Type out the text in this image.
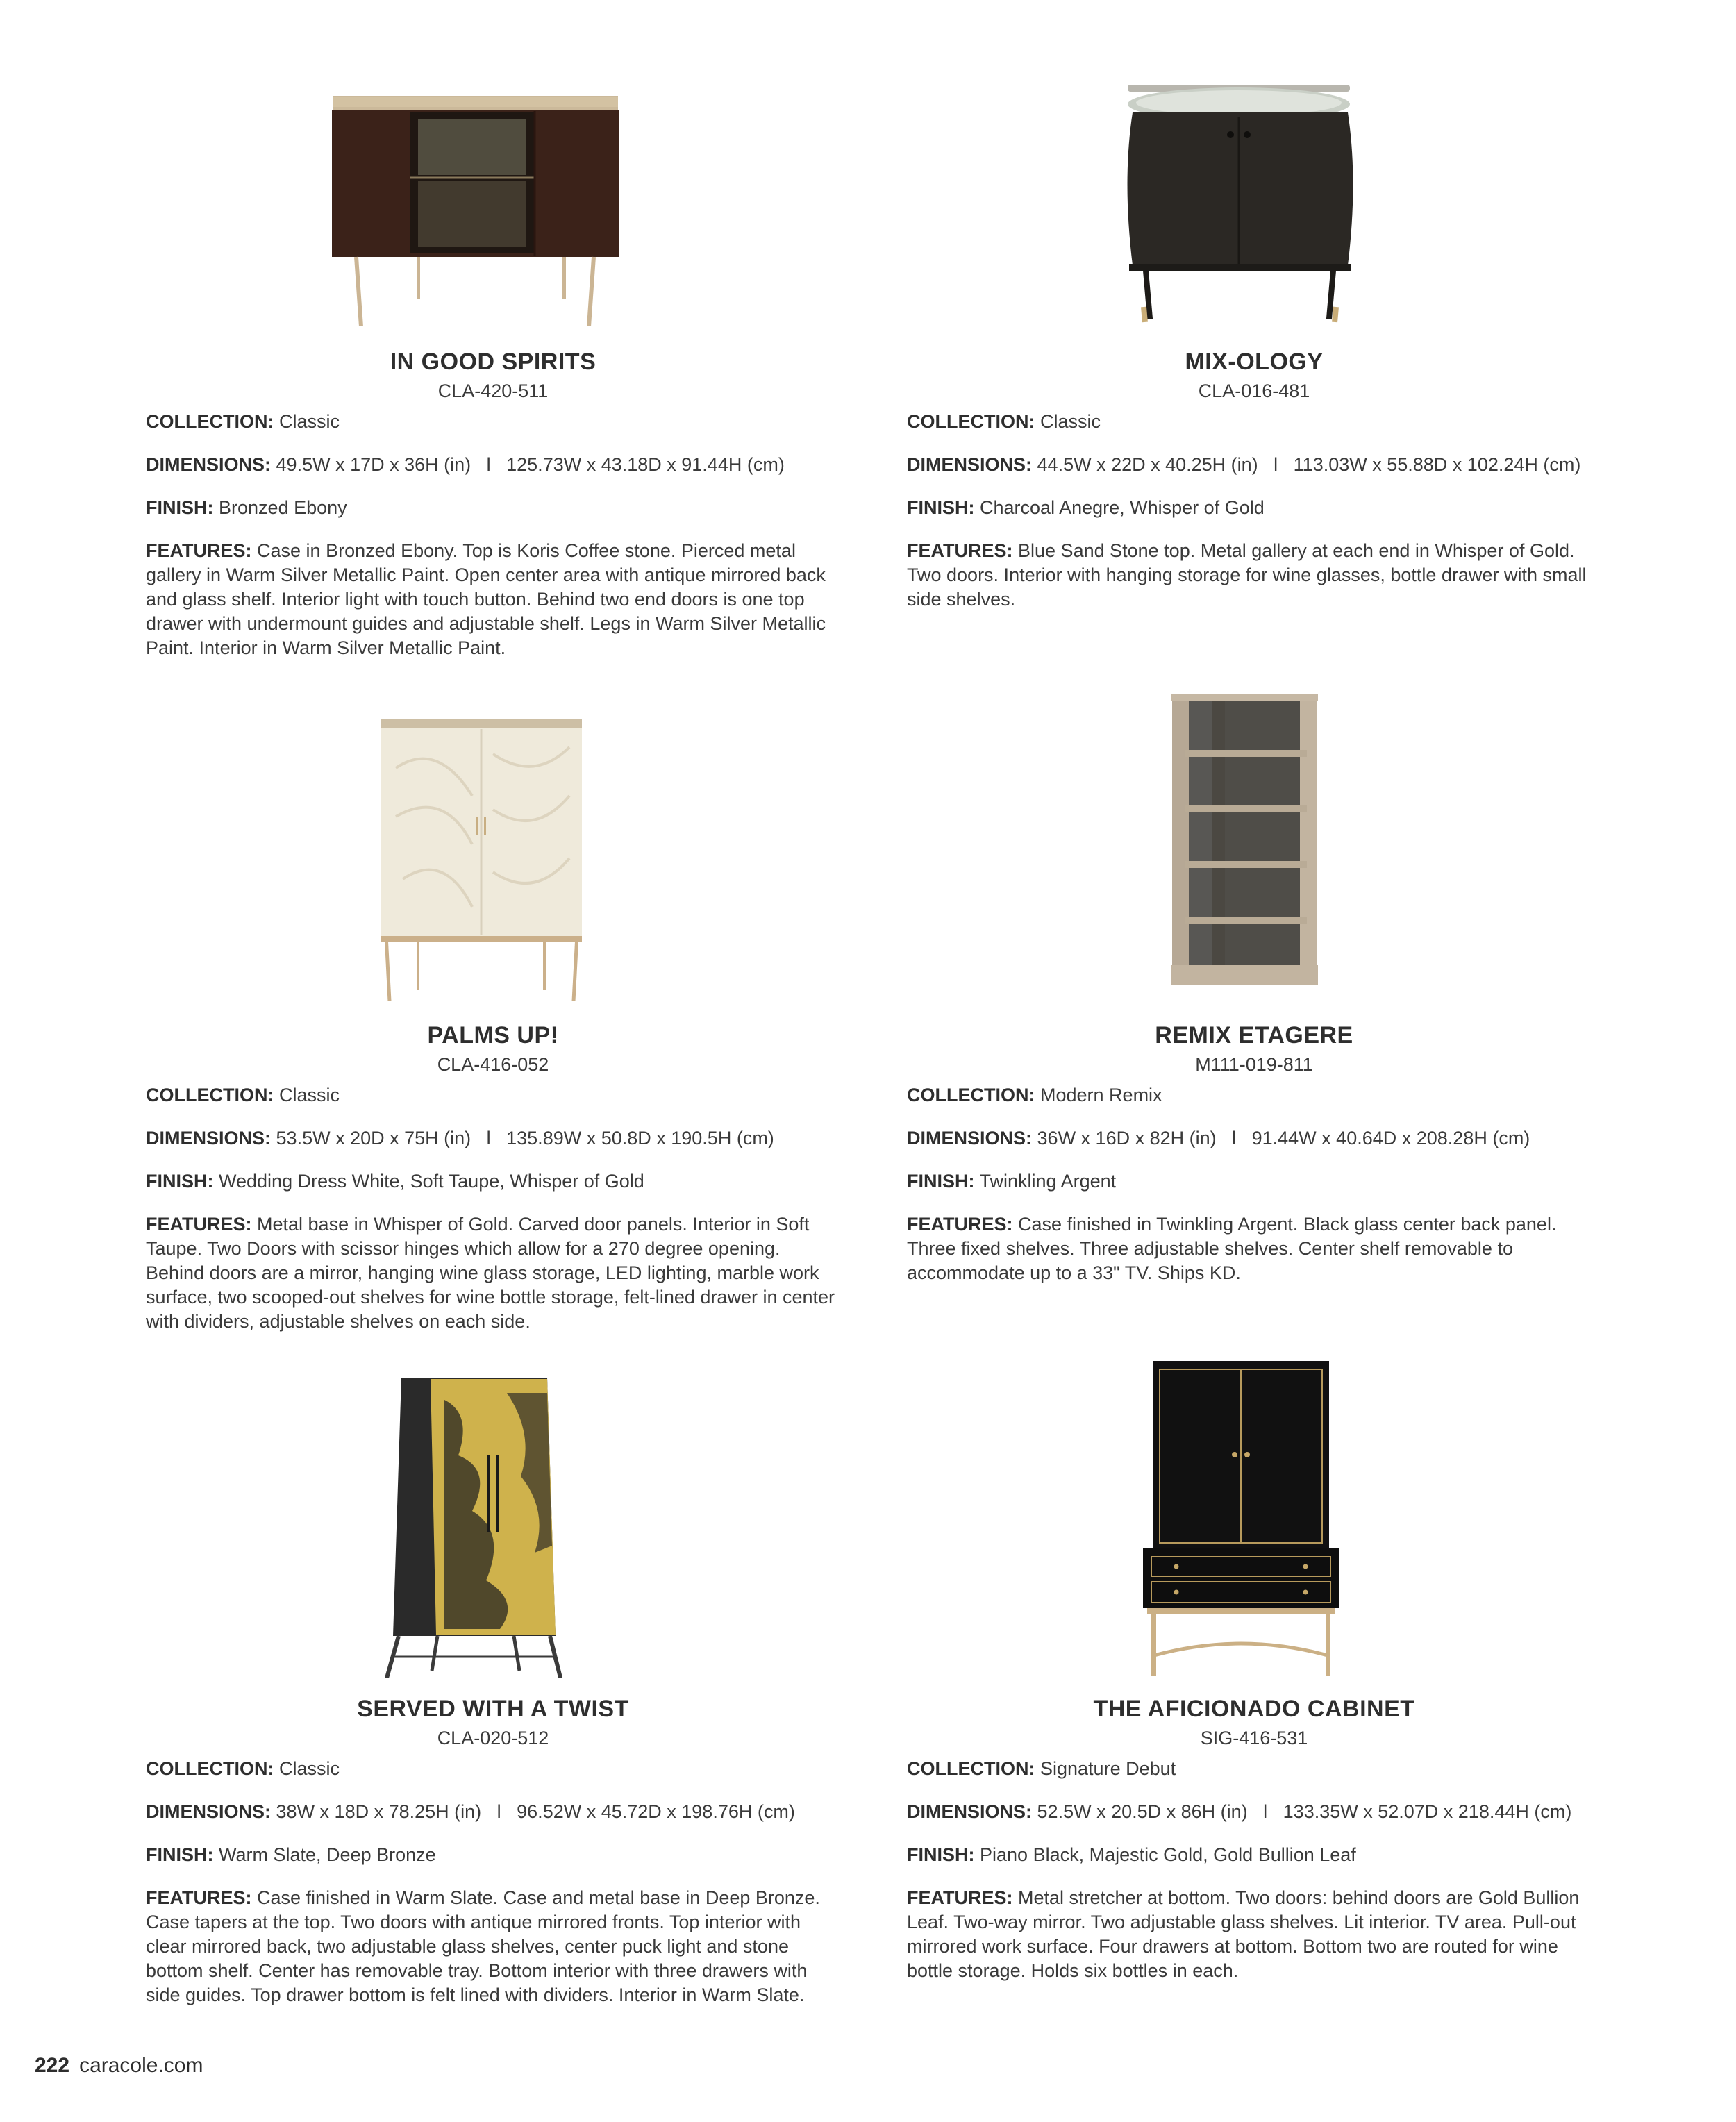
IN GOOD SPIRITS
CLA-420-511

COLLECTION: Classic

DIMENSIONS: 49.5W x 17D x 36H (in)   l   125.73W x 43.18D x 91.44H (cm)

FINISH: Bronzed Ebony

FEATURES: Case in Bronzed Ebony. Top is Koris Coffee stone. Pierced metal gallery in Warm Silver Metallic Paint. Open center area with antique mirrored back and glass shelf. Interior light with touch button. Behind two end doors is one top drawer with undermount guides and adjustable shelf. Legs in Warm Silver Metallic Paint. Interior in Warm Silver Metallic Paint.

MIX-OLOGY
CLA-016-481

COLLECTION: Classic

DIMENSIONS: 44.5W x 22D x 40.25H (in)   l   113.03W x 55.88D x 102.24H (cm)

FINISH: Charcoal Anegre, Whisper of Gold

FEATURES: Blue Sand Stone top. Metal gallery at each end in Whisper of Gold. Two doors. Interior with hanging storage for wine glasses, bottle drawer with small side shelves.

PALMS UP!
CLA-416-052

COLLECTION: Classic

DIMENSIONS: 53.5W x 20D x 75H (in)   l   135.89W x 50.8D x 190.5H (cm)

FINISH: Wedding Dress White, Soft Taupe, Whisper of Gold

FEATURES: Metal base in Whisper of Gold. Carved door panels. Interior in Soft Taupe. Two Doors with scissor hinges which allow for a 270 degree opening. Behind doors are a mirror, hanging wine glass storage, LED lighting, marble work surface, two scooped-out shelves for wine bottle storage, felt-lined drawer in center with dividers, adjustable shelves on each side.

REMIX ETAGERE
M111-019-811

COLLECTION: Modern Remix

DIMENSIONS: 36W x 16D x 82H (in)   l   91.44W x 40.64D x 208.28H (cm)

FINISH: Twinkling Argent

FEATURES: Case finished in Twinkling Argent. Black glass center back panel. Three fixed shelves. Three adjustable shelves. Center shelf removable to accommodate up to a 33" TV. Ships KD.

SERVED WITH A TWIST
CLA-020-512

COLLECTION: Classic

DIMENSIONS: 38W x 18D x 78.25H (in)   l   96.52W x 45.72D x 198.76H (cm)

FINISH: Warm Slate, Deep Bronze

FEATURES: Case finished in Warm Slate. Case and metal base in Deep Bronze. Case tapers at the top. Two doors with antique mirrored fronts. Top interior with clear mirrored back, two adjustable glass shelves, center puck light and stone bottom shelf. Center has removable tray. Bottom interior with three drawers with side guides. Top drawer bottom is felt lined with dividers. Interior in Warm Slate.

THE AFICIONADO CABINET
SIG-416-531

COLLECTION: Signature Debut

DIMENSIONS: 52.5W x 20.5D x 86H (in)   l   133.35W x 52.07D x 218.44H (cm)

FINISH: Piano Black, Majestic Gold, Gold Bullion Leaf

FEATURES: Metal stretcher at bottom. Two doors: behind doors are Gold Bullion Leaf. Two-way mirror. Two adjustable glass shelves. Lit interior. TV area. Pull-out mirrored work surface. Four drawers at bottom. Bottom two are routed for wine bottle storage. Holds six bottles in each.

222 caracole.com
